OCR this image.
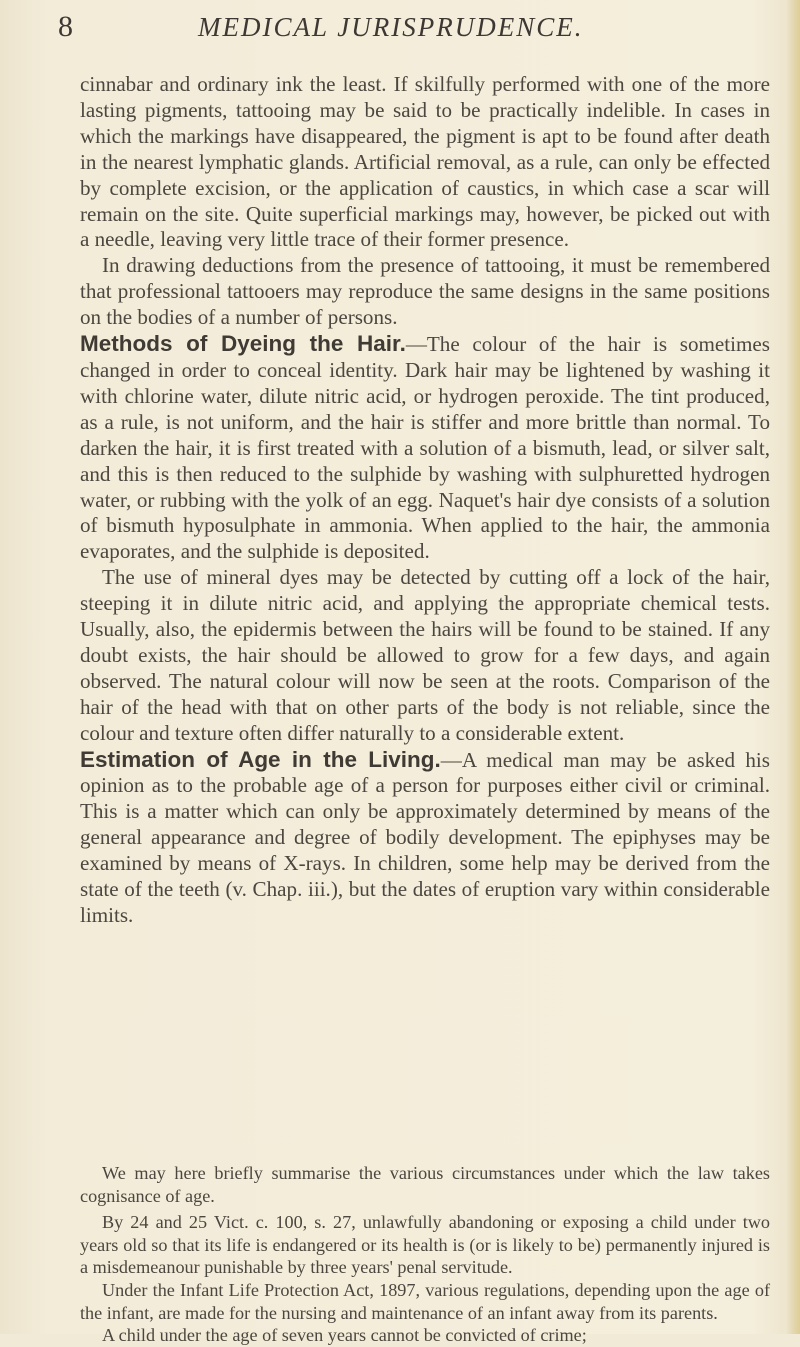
8	MEDICAL JURISPRUDENCE.

cinnabar and ordinary ink the least. If skilfully performed with one of the more lasting pigments, tattooing may be said to be practically indelible. In cases in which the markings have disappeared, the pigment is apt to be found after death in the nearest lymphatic glands. Artificial removal, as a rule, can only be effected by complete excision, or the application of caustics, in which case a scar will remain on the site. Quite superficial markings may, however, be picked out with a needle, leaving very little trace of their former presence.

In drawing deductions from the presence of tattooing, it must be remembered that professional tattooers may reproduce the same designs in the same positions on the bodies of a number of persons.

Methods of Dyeing the Hair.—The colour of the hair is sometimes changed in order to conceal identity. Dark hair may be lightened by washing it with chlorine water, dilute nitric acid, or hydrogen peroxide. The tint produced, as a rule, is not uniform, and the hair is stiffer and more brittle than normal. To darken the hair, it is first treated with a solution of a bismuth, lead, or silver salt, and this is then reduced to the sulphide by washing with sulphuretted hydrogen water, or rubbing with the yolk of an egg. Naquet's hair dye consists of a solution of bismuth hyposulphate in ammonia. When applied to the hair, the ammonia evaporates, and the sulphide is deposited.

The use of mineral dyes may be detected by cutting off a lock of the hair, steeping it in dilute nitric acid, and applying the appropriate chemical tests. Usually, also, the epidermis between the hairs will be found to be stained. If any doubt exists, the hair should be allowed to grow for a few days, and again observed. The natural colour will now be seen at the roots. Comparison of the hair of the head with that on other parts of the body is not reliable, since the colour and texture often differ naturally to a considerable extent.

Estimation of Age in the Living.—A medical man may be asked his opinion as to the probable age of a person for purposes either civil or criminal. This is a matter which can only be approximately determined by means of the general appearance and degree of bodily development. The epiphyses may be examined by means of X-rays. In children, some help may be derived from the state of the teeth (v. Chap. iii.), but the dates of eruption vary within considerable limits.

We may here briefly summarise the various circumstances under which the law takes cognisance of age.

By 24 and 25 Vict. c. 100, s. 27, unlawfully abandoning or exposing a child under two years old so that its life is endangered or its health is (or is likely to be) permanently injured is a misdemeanour punishable by three years' penal servitude.

Under the Infant Life Protection Act, 1897, various regulations, depending upon the age of the infant, are made for the nursing and maintenance of an infant away from its parents.

A child under the age of seven years cannot be convicted of crime;
